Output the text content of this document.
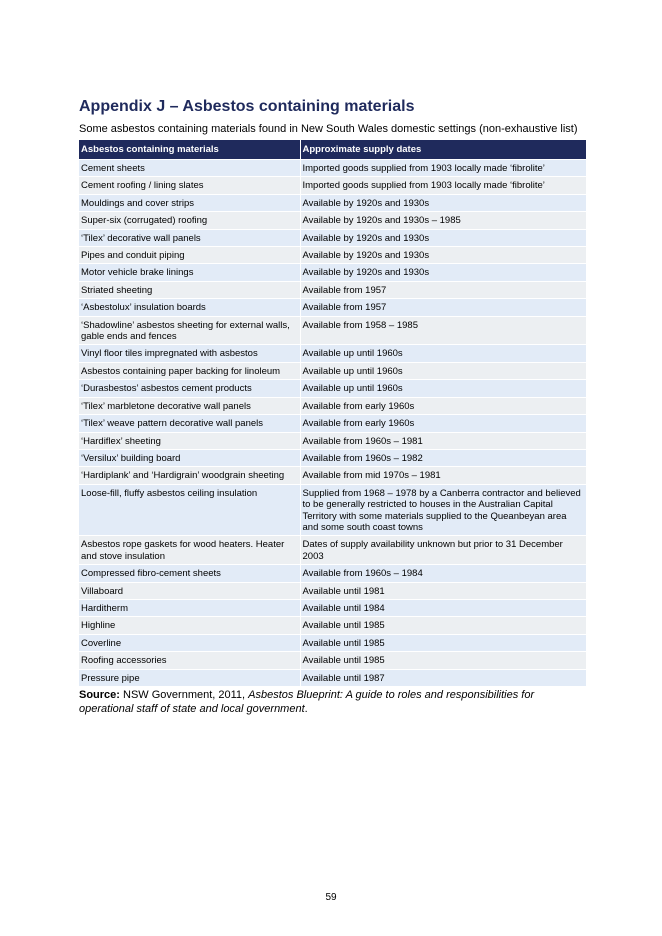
Appendix J – Asbestos containing materials

Some asbestos containing materials found in New South Wales domestic settings (non-exhaustive list)

Asbestos containing materials	Approximate supply dates
Cement sheets	Imported goods supplied from 1903 locally made ‘fibrolite’
Cement roofing / lining slates	Imported goods supplied from 1903 locally made ‘fibrolite’
Mouldings and cover strips	Available by 1920s and 1930s
Super-six (corrugated) roofing	Available by 1920s and 1930s – 1985
‘Tilex’ decorative wall panels	Available by 1920s and 1930s
Pipes and conduit piping	Available by 1920s and 1930s
Motor vehicle brake linings	Available by 1920s and 1930s
Striated sheeting	Available from 1957
‘Asbestolux’ insulation boards	Available from 1957
‘Shadowline’ asbestos sheeting for external walls, gable ends and fences	Available from 1958 – 1985
Vinyl floor tiles impregnated with asbestos	Available up until 1960s
Asbestos containing paper backing for linoleum	Available up until 1960s
‘Durasbestos’ asbestos cement products	Available up until 1960s
‘Tilex’ marbletone decorative wall panels	Available from early 1960s
‘Tilex’ weave pattern decorative wall panels	Available from early 1960s
‘Hardiflex’ sheeting	Available from 1960s – 1981
‘Versilux’ building board	Available from 1960s – 1982
‘Hardiplank’ and ‘Hardigrain’ woodgrain sheeting	Available from mid 1970s – 1981
Loose-fill, fluffy asbestos ceiling insulation	Supplied from 1968 – 1978 by a Canberra contractor and believed to be generally restricted to houses in the Australian Capital Territory with some materials supplied to the Queanbeyan area and some south coast towns
Asbestos rope gaskets for wood heaters. Heater and stove insulation	Dates of supply availability unknown but prior to 31 December 2003
Compressed fibro-cement sheets	Available from 1960s – 1984
Villaboard	Available until 1981
Harditherm	Available until 1984
Highline	Available until 1985
Coverline	Available until 1985
Roofing accessories	Available until 1985
Pressure pipe	Available until 1987
Source: NSW Government, 2011, Asbestos Blueprint: A guide to roles and responsibilities for operational staff of state and local government.
59
